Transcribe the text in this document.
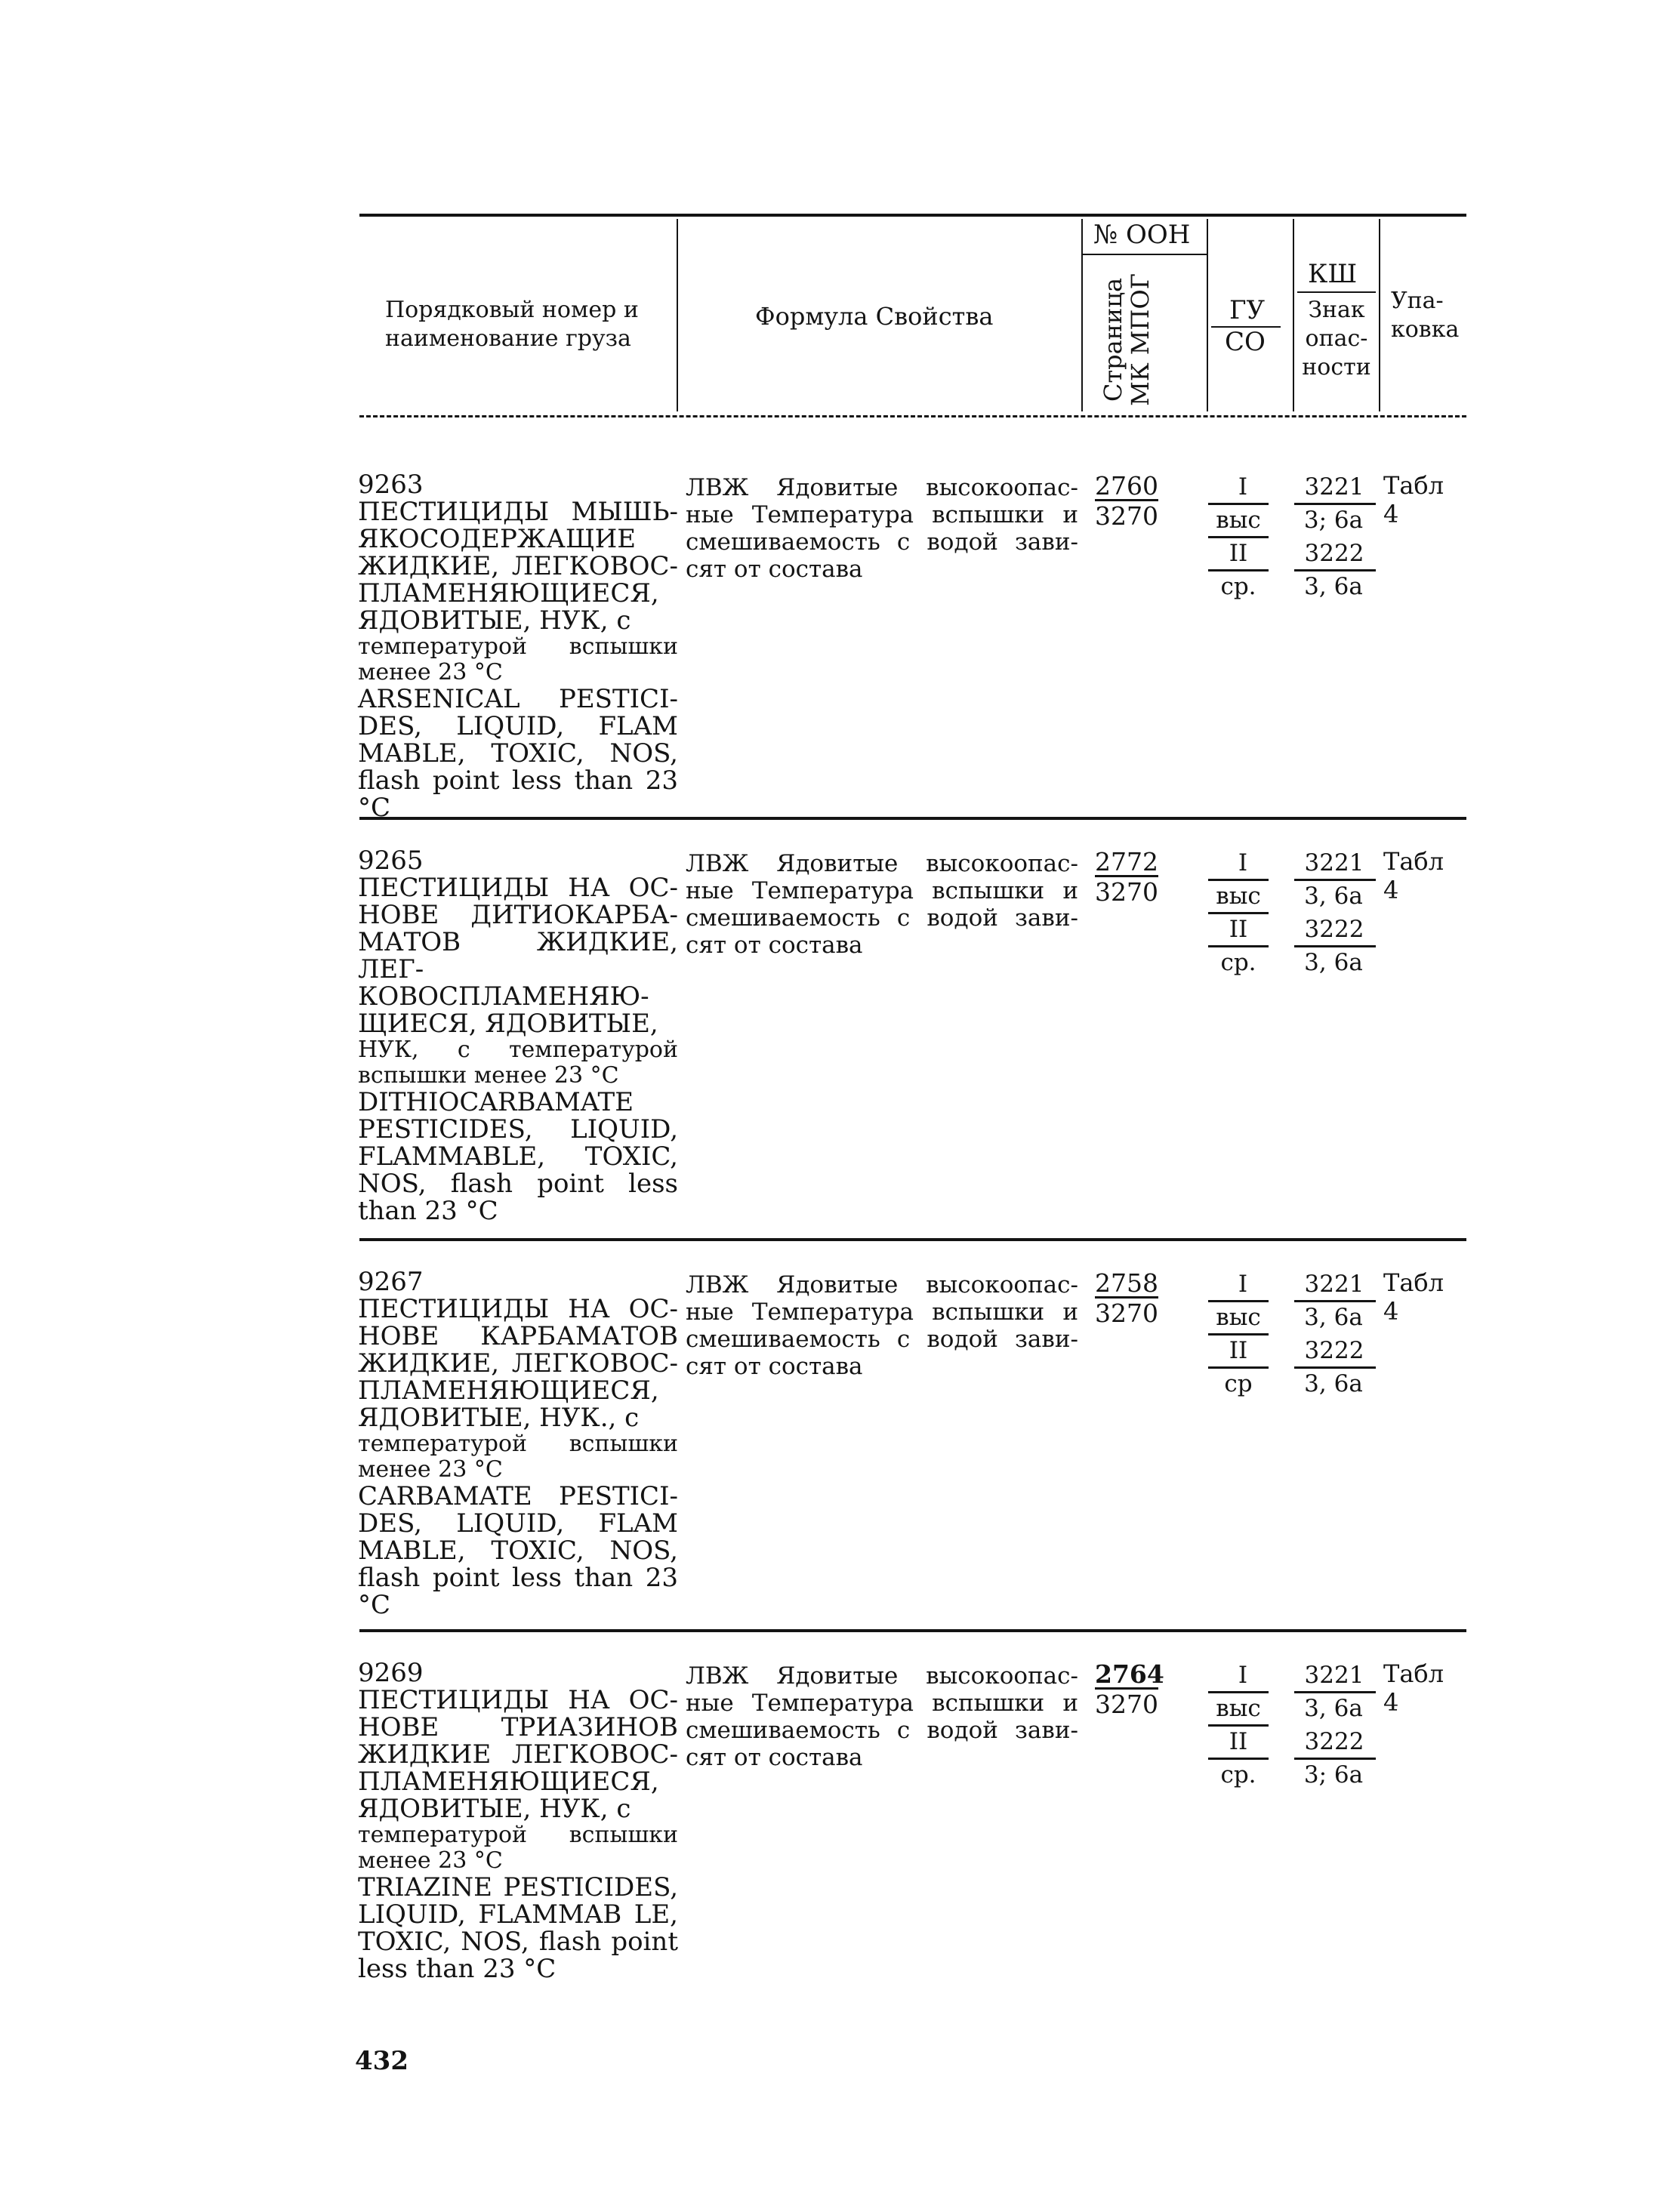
Порядковый номер и наименование груза
Формула Свойства
№ ООН
Страница МК МПОГ	ГУ
СО
КШ
Знак опас-ности
Упа-ковка
9263
ПЕСТИЦИДЫ МЫШЬ-ЯКОСОДЕРЖАЩИЕ ЖИДКИЕ, ЛЕГКОВОС-ПЛАМЕНЯЮЩИЕСЯ, ЯДОВИТЫЕ, НУК, с
температурой вспышки менее 23 °С
ARSENICAL PESTICI-DES, LIQUID, FLAM MABLE, TOXIC, NOS, flash point less than 23 °C
ЛВЖ Ядовитые высокоопас-ные Температура вспышки и смешиваемость с водой зави-сят от состава
2760
3270
I
выс
II
ср.
3221
3; 6а
3222
3, 6а
Табл
4
9265
ПЕСТИЦИДЫ НА ОС-НОВЕ ДИТИОКАРБА-МАТОВ ЖИДКИЕ, ЛЕГ-КОВОСПЛАМЕНЯЮ-ЩИЕСЯ, ЯДОВИТЫЕ,
НУК, с температурой вспышки менее 23 °С
DITHIOCARBAMATE PESTICIDES, LIQUID, FLAMMABLE, TOXIC, NOS, flash point less than 23 °C
ЛВЖ Ядовитые высокоопас-ные Температура вспышки и смешиваемость с водой зави-сят от состава
2772
3270
I
выс
II
ср.
3221
3, 6а
3222
3, 6а
Табл
4
9267
ПЕСТИЦИДЫ НА ОС-НОВЕ КАРБАМАТОВ ЖИДКИЕ, ЛЕГКОВОС-ПЛАМЕНЯЮЩИЕСЯ, ЯДОВИТЫЕ, НУК., с
температурой вспышки менее 23 °С
CARBAMATE PESTICI-DES, LIQUID, FLAM MABLE, TOXIC, NOS, flash point less than 23 °C
ЛВЖ Ядовитые высокоопас-ные Температура вспышки и смешиваемость с водой зави-сят от состава
2758
3270
I
выс
II
ср
3221
3, 6а
3222
3, 6а
Табл
4
9269
ПЕСТИЦИДЫ НА ОС-НОВЕ ТРИАЗИНОВ ЖИДКИЕ ЛЕГКОВОС-ПЛАМЕНЯЮЩИЕСЯ, ЯДОВИТЫЕ, НУК, с
температурой вспышки менее 23 °С
TRIAZINE PESTICIDES, LIQUID, FLAMMAB LE, TOXIC, NOS, flash point less than 23 °C
ЛВЖ Ядовитые высокоопас-ные Температура вспышки и смешиваемость с водой зави-сят от состава
2764
3270
I
выс
II
ср.
3221
3, 6а
3222
3; 6а
Табл
4
432
